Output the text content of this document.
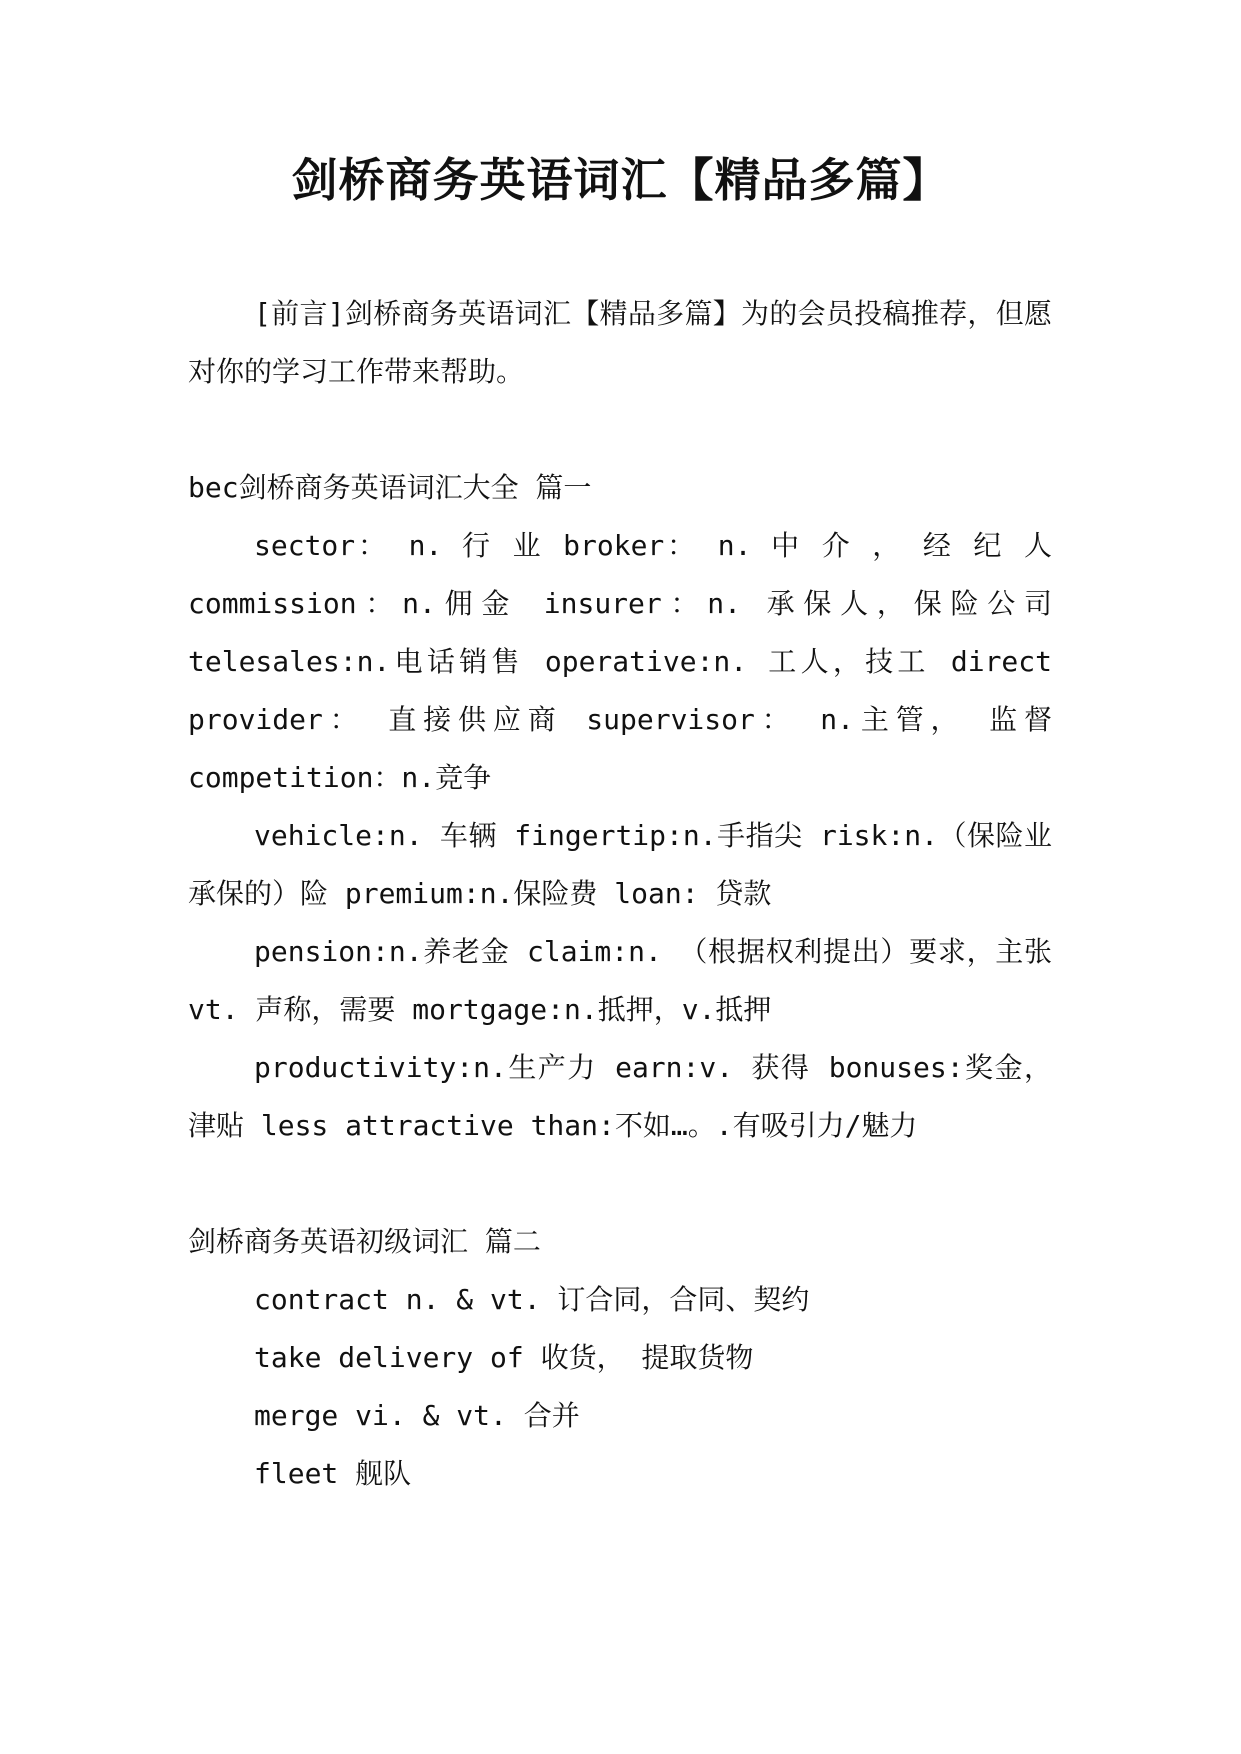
剑桥商务英语词汇【精品多篇】

[前言]剑桥商务英语词汇【精品多篇】为的会员投稿推荐，但愿对你的学习工作带来帮助。

bec剑桥商务英语词汇大全 篇一

sector： n. 行 业 broker： n. 中 介 ， 经 纪 人 commission：n.佣金 insurer：n. 承保人，保险公司 telesales:n.电话销售 operative:n. 工人，技工 direct provider： 直接供应商 supervisor： n.主管， 监督 competition：n.竞争

vehicle:n. 车辆 fingertip:n.手指尖 risk:n.（保险业承保的）险 premium:n.保险费 loan: 贷款

pension:n.养老金 claim:n. （根据权利提出）要求，主张 vt. 声称，需要 mortgage:n.抵押，v.抵押

productivity:n.生产力 earn:v. 获得 bonuses:奖金，津贴 less attractive than:不如…。.有吸引力/魅力

剑桥商务英语初级词汇 篇二

contract n. & vt. 订合同，合同、契约

take delivery of 收货， 提取货物

merge vi. & vt. 合并

fleet 舰队
